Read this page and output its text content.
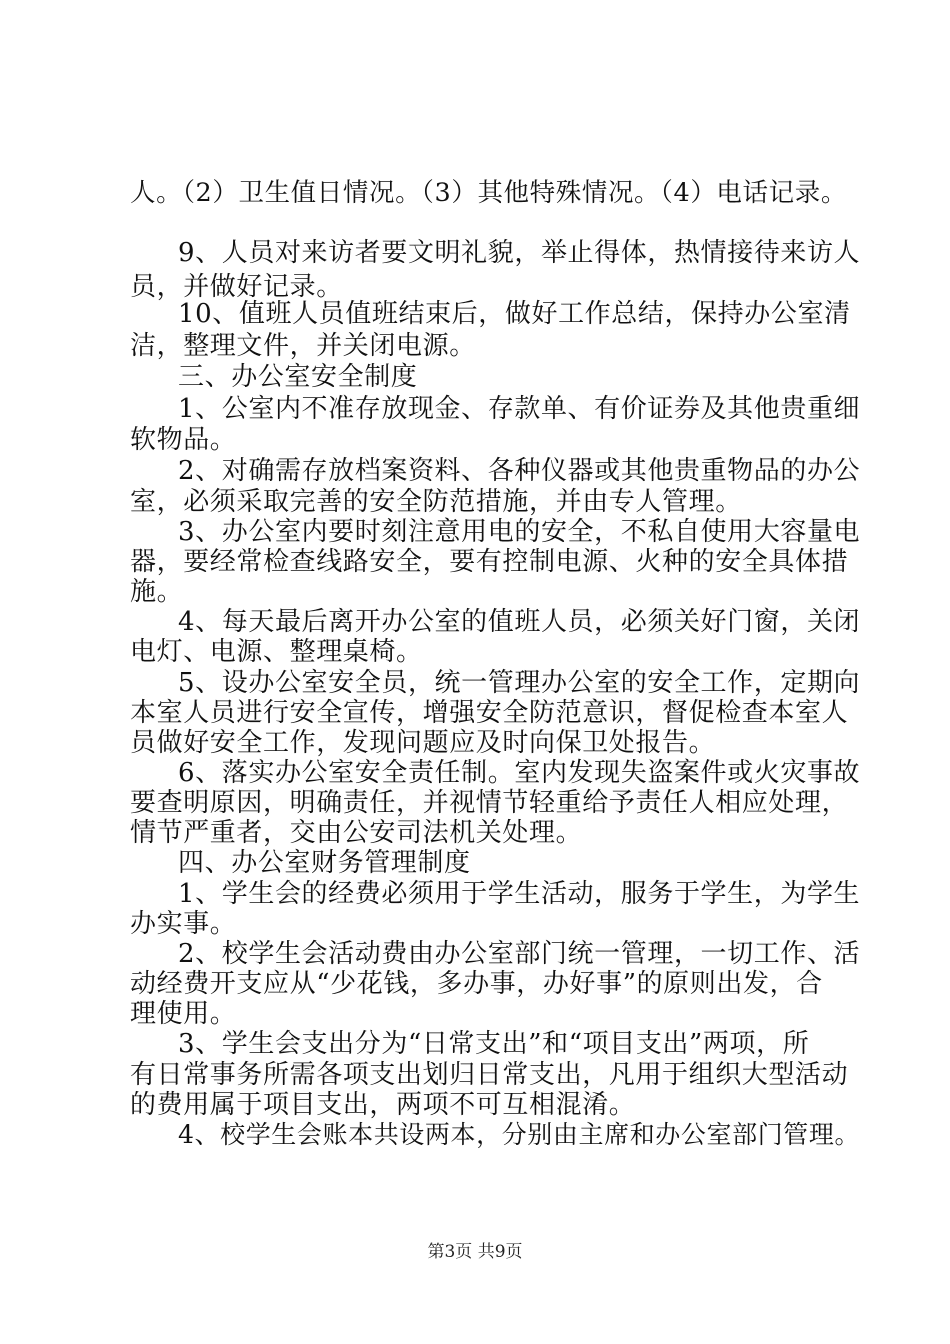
人。（2）卫生值日情况。（3）其他特殊情况。（4）电话记录。
9、人员对来访者要文明礼貌，举止得体，热情接待来访人
员，并做好记录。
10、值班人员值班结束后，做好工作总结，保持办公室清
洁，整理文件，并关闭电源。
三、办公室安全制度
1、公室内不准存放现金、存款单、有价证券及其他贵重细
软物品。
2、对确需存放档案资料、各种仪器或其他贵重物品的办公
室，必须采取完善的安全防范措施，并由专人管理。
3、办公室内要时刻注意用电的安全，不私自使用大容量电
器，要经常检查线路安全，要有控制电源、火种的安全具体措
施。
4、每天最后离开办公室的值班人员，必须关好门窗，关闭
电灯、电源、整理桌椅。
5、设办公室安全员，统一管理办公室的安全工作，定期向
本室人员进行安全宣传，增强安全防范意识，督促检查本室人
员做好安全工作，发现问题应及时向保卫处报告。
6、落实办公室安全责任制。室内发现失盗案件或火灾事故
要查明原因，明确责任，并视情节轻重给予责任人相应处理，
情节严重者，交由公安司法机关处理。
四、办公室财务管理制度
1、学生会的经费必须用于学生活动，服务于学生，为学生
办实事。
2、校学生会活动费由办公室部门统一管理，一切工作、活
动经费开支应从“少花钱，多办事，办好事”的原则出发，合
理使用。
3、学生会支出分为“日常支出”和“项目支出”两项，所
有日常事务所需各项支出划归日常支出，凡用于组织大型活动
的费用属于项目支出，两项不可互相混淆。
4、校学生会账本共设两本，分别由主席和办公室部门管理。
第3页 共9页
